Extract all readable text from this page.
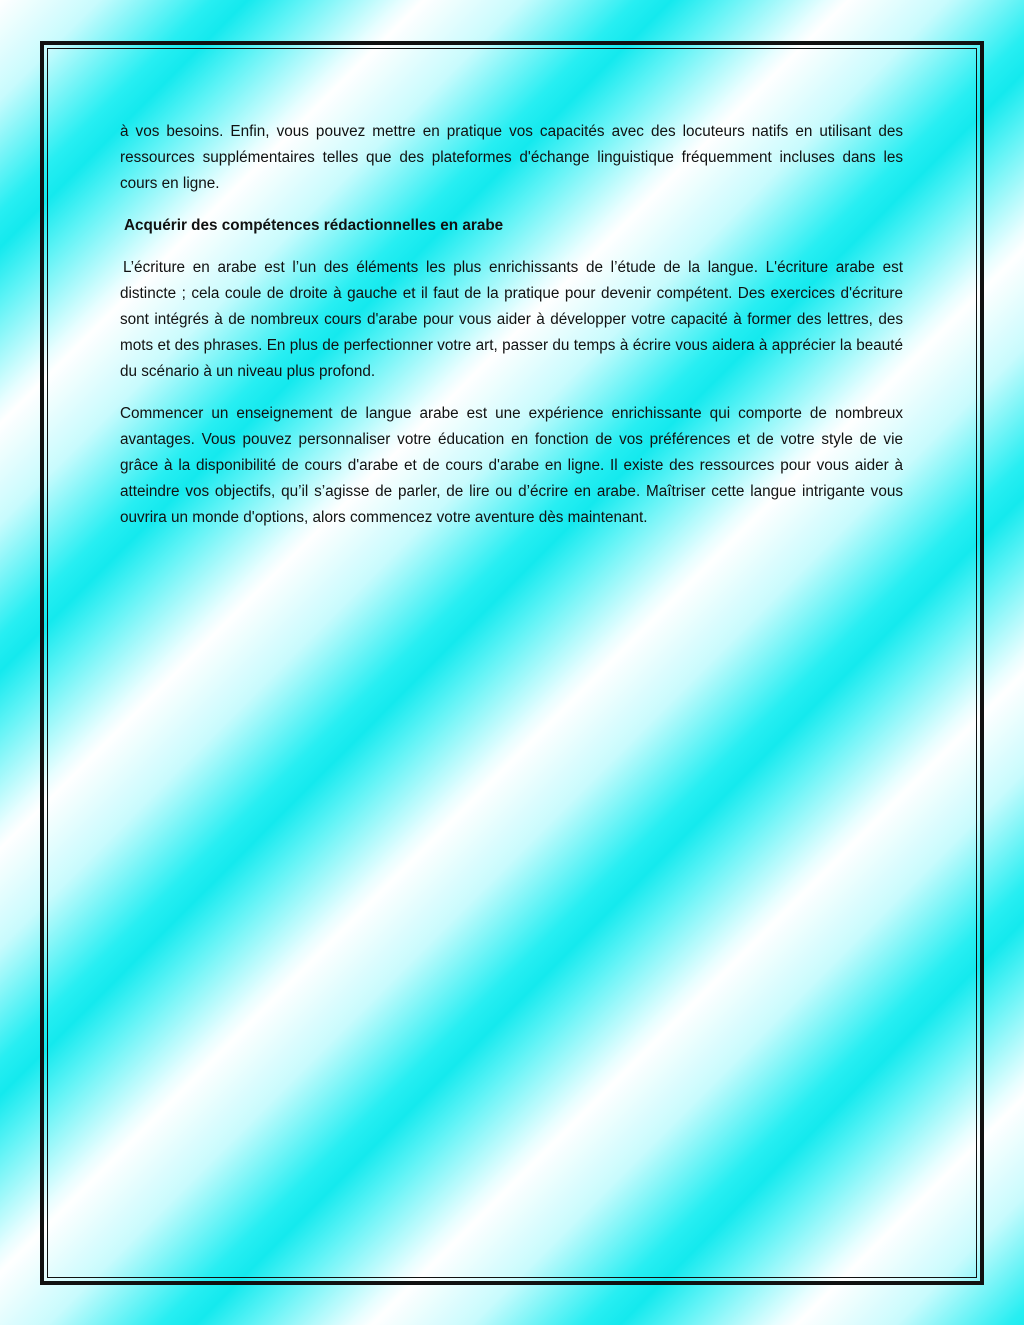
à vos besoins. Enfin, vous pouvez mettre en pratique vos capacités avec des locuteurs natifs en utilisant des ressources supplémentaires telles que des plateformes d'échange linguistique fréquemment incluses dans les cours en ligne.

Acquérir des compétences rédactionnelles en arabe

L’écriture en arabe est l’un des éléments les plus enrichissants de l’étude de la langue. L'écriture arabe est distincte ; cela coule de droite à gauche et il faut de la pratique pour devenir compétent. Des exercices d'écriture sont intégrés à de nombreux cours d'arabe pour vous aider à développer votre capacité à former des lettres, des mots et des phrases. En plus de perfectionner votre art, passer du temps à écrire vous aidera à apprécier la beauté du scénario à un niveau plus profond.

Commencer un enseignement de langue arabe est une expérience enrichissante qui comporte de nombreux avantages. Vous pouvez personnaliser votre éducation en fonction de vos préférences et de votre style de vie grâce à la disponibilité de cours d'arabe et de cours d'arabe en ligne. Il existe des ressources pour vous aider à atteindre vos objectifs, qu’il s’agisse de parler, de lire ou d’écrire en arabe. Maîtriser cette langue intrigante vous ouvrira un monde d'options, alors commencez votre aventure dès maintenant.
